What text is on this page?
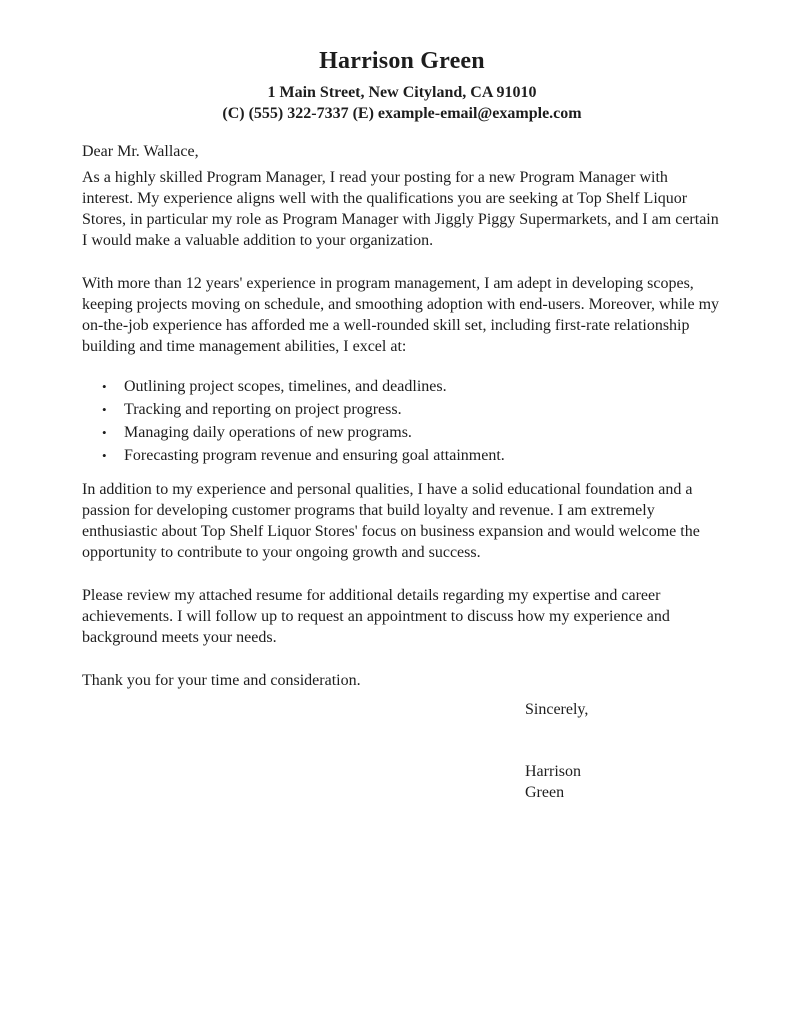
Harrison Green

1 Main Street, New Cityland, CA 91010

(C) (555) 322-7337 (E) example-email@example.com

Dear Mr. Wallace,

As a highly skilled Program Manager, I read your posting for a new Program Manager with interest. My experience aligns well with the qualifications you are seeking at Top Shelf Liquor Stores, in particular my role as Program Manager with Jiggly Piggy Supermarkets, and I am certain I would make a valuable addition to your organization.

With more than 12 years' experience in program management, I am adept in developing scopes, keeping projects moving on schedule, and smoothing adoption with end-users. Moreover, while my on-the-job experience has afforded me a well-rounded skill set, including first-rate relationship building and time management abilities, I excel at:

•	Outlining project scopes, timelines, and deadlines.
•	Tracking and reporting on project progress.
•	Managing daily operations of new programs.
•	Forecasting program revenue and ensuring goal attainment.

In addition to my experience and personal qualities, I have a solid educational foundation and a passion for developing customer programs that build loyalty and revenue. I am extremely enthusiastic about Top Shelf Liquor Stores' focus on business expansion and would welcome the opportunity to contribute to your ongoing growth and success.

Please review my attached resume for additional details regarding my expertise and career achievements. I will follow up to request an appointment to discuss how my experience and background meets your needs.

Thank you for your time and consideration.

Sincerely,

Harrison
Green
